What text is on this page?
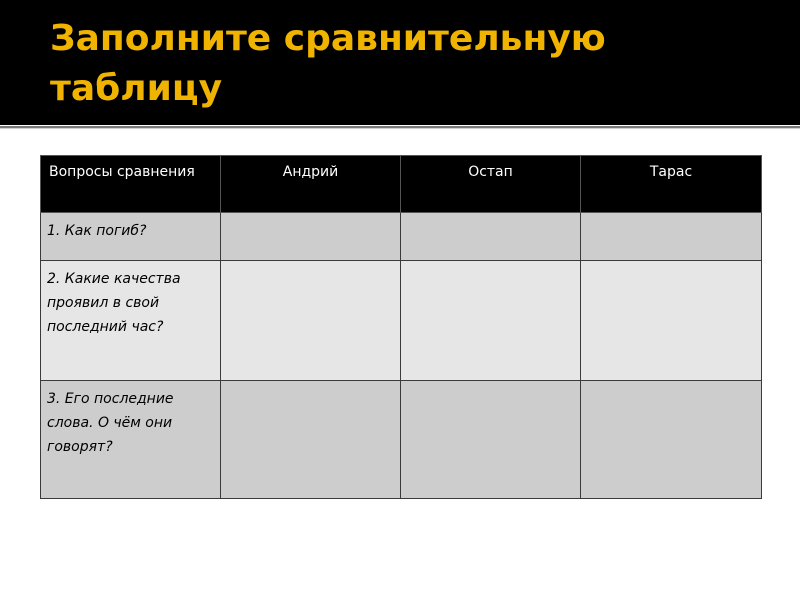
Заполните сравнительную
таблицу
Вопросы сравнения	Андрий	Остап	Тарас
1. Как погиб?			
2. Какие качества проявил в свой последний час?			
3. Его последние слова. О чём они говорят?			
